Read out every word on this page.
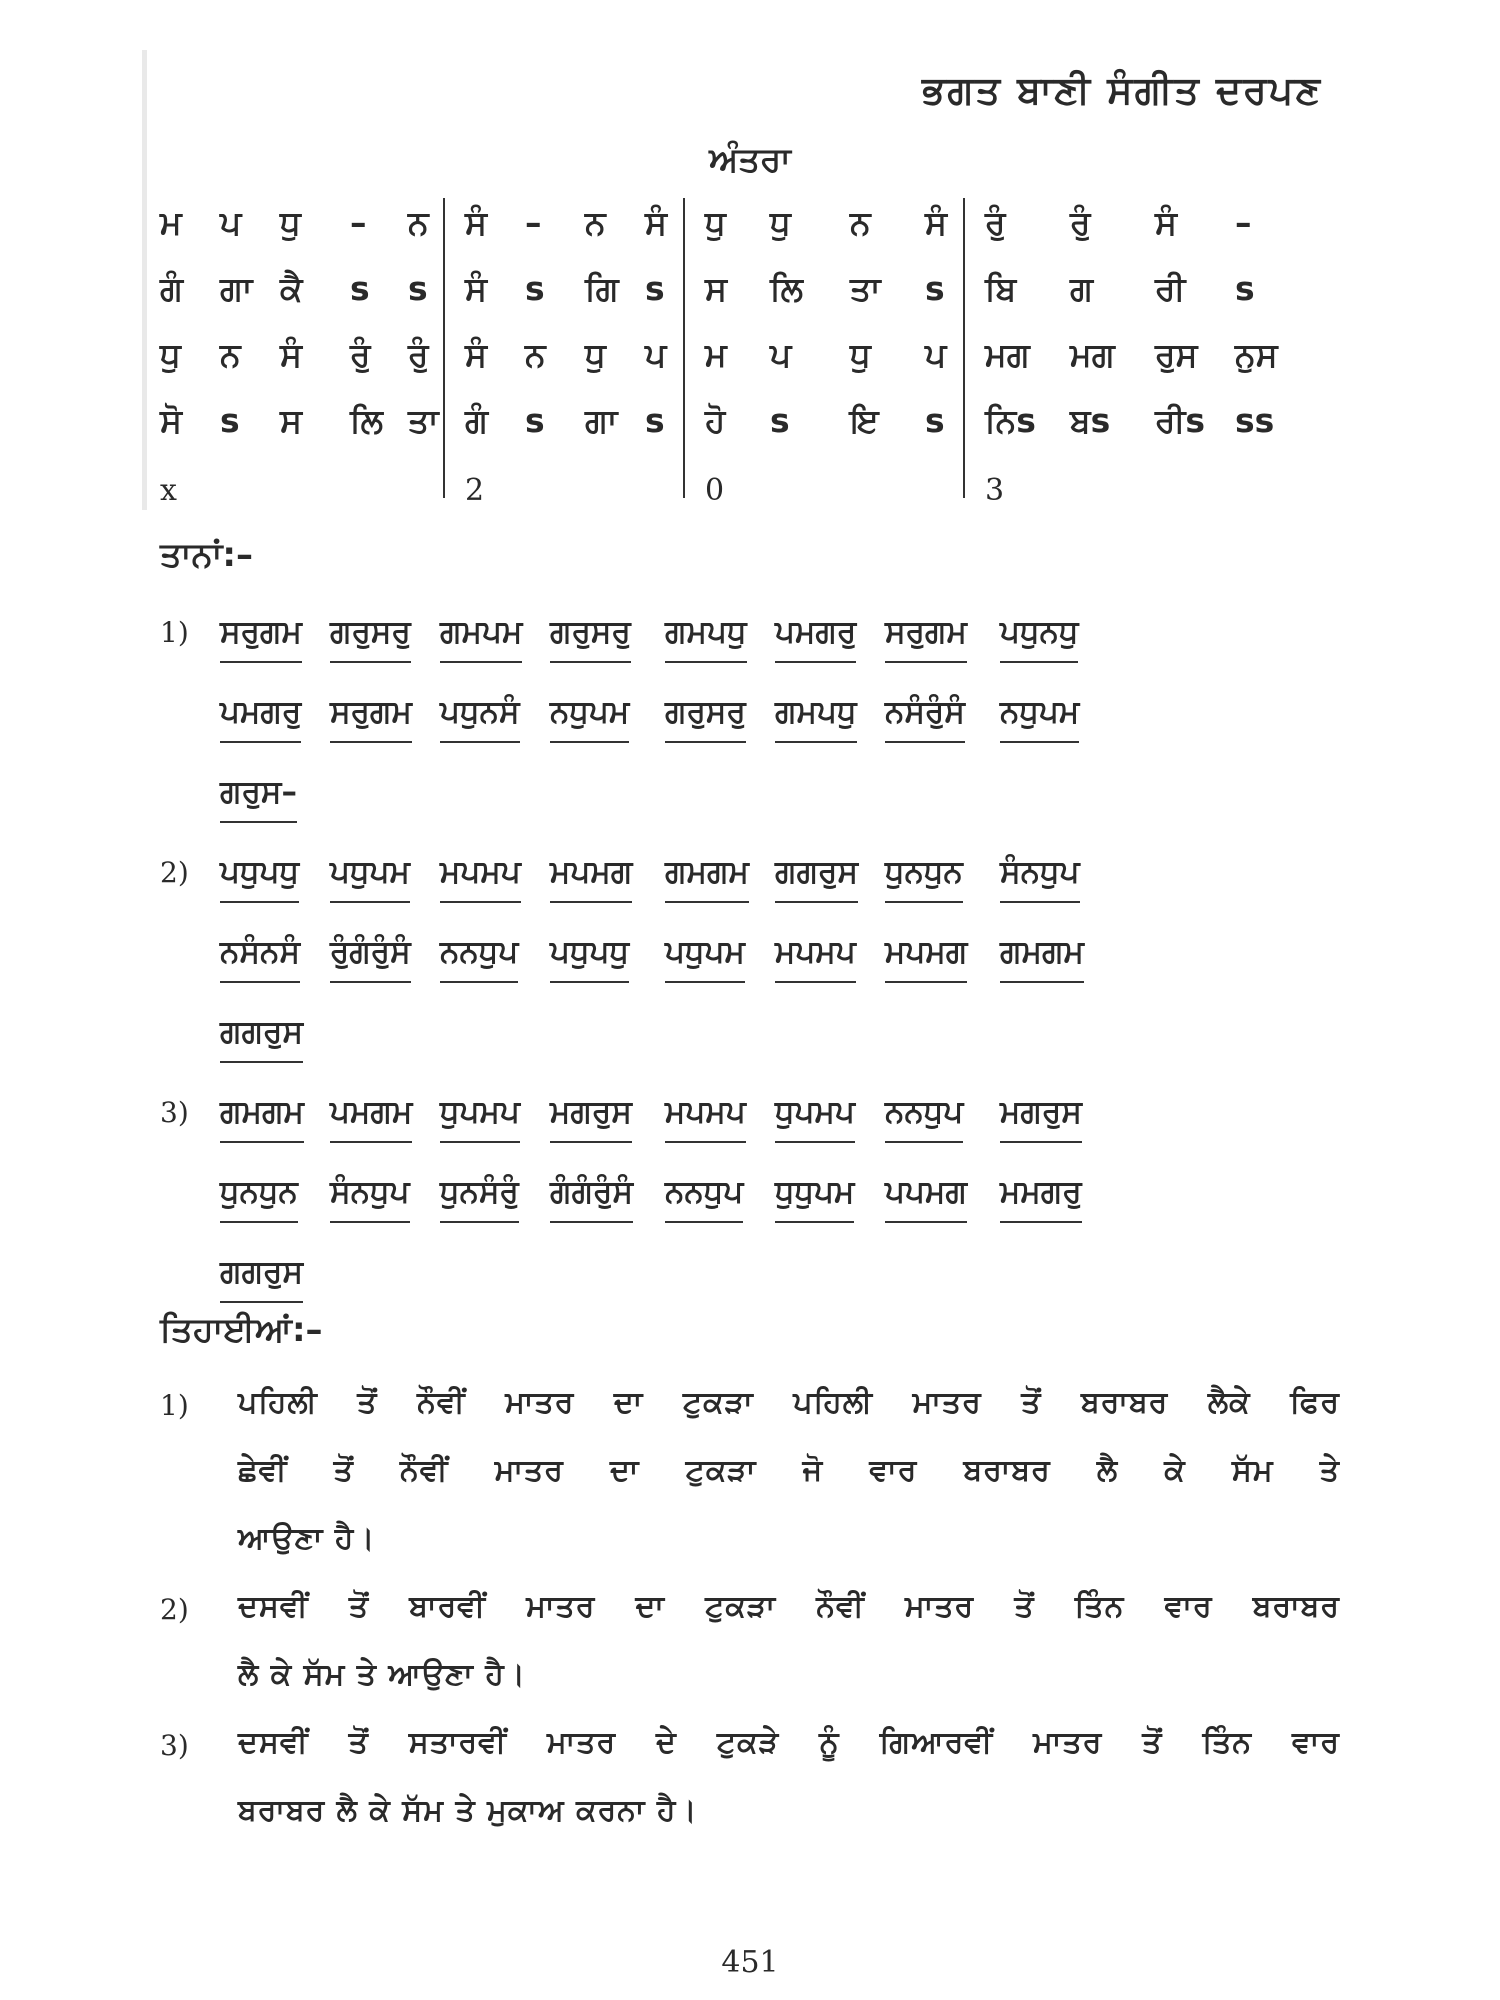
ਭਗਤ ਬਾਣੀ ਸੰਗੀਤ ਦਰਪਣ
ਅੰਤਰਾ
ਮ ਪ ਧੁ – ਨ ਸੰ – ਨ ਸੰ ਧੁ ਧੁ ਨ ਸੰ ਰੁੰ ਰੁੰ ਸੰ –
ਗੰ ਗਾ ਕੈ s s ਸੰ s ਗਿ s ਸ ਲਿ ਤਾ s ਬਿ ਗ ਰੀ s
ਧੁ ਨ ਸੰ ਰੁੰ ਰੁੰ ਸੰ ਨ ਧੁ ਪ ਮ ਪ ਧੁ ਪ ਮਗ ਮਗ ਰੁਸ ਨੁਸ
ਸੋ s ਸ ਲਿ ਤਾ ਗੰ s ਗਾ s ਹੋ s ਇ s ਨਿs ਬs ਰੀs ss
x	2	0	3
ਤਾਨਾਂ:–
1) ਸਰੁਗਮ ਗਰੁਸਰੁ ਗਮਪਮ ਗਰੁਸਰੁ ਗਮਪਧੁ ਪਮਗਰੁ ਸਰੁਗਮ ਪਧੁਨਧੁ
ਪਮਗਰੁ ਸਰੁਗਮ ਪਧੁਨਸੰ ਨਧੁਪਮ ਗਰੁਸਰੁ ਗਮਪਧੁ ਨਸੰਰੁੰਸੰ ਨਧੁਪਮ
ਗਰੁਸ–
2) ਪਧੁਪਧੁ ਪਧੁਪਮ ਮਪਮਪ ਮਪਮਗ ਗਮਗਮ ਗਗਰੁਸ ਧੁਨਧੁਨ ਸੰਨਧੁਪ
ਨਸੰਨਸੰ ਰੁੰਗੰਰੁੰਸੰ ਨਨਧੁਪ ਪਧੁਪਧੁ ਪਧੁਪਮ ਮਪਮਪ ਮਪਮਗ ਗਮਗਮ
ਗਗਰੁਸ
3) ਗਮਗਮ ਪਮਗਮ ਧੁਪਮਪ ਮਗਰੁਸ ਮਪਮਪ ਧੁਪਮਪ ਨਨਧੁਪ ਮਗਰੁਸ
ਧੁਨਧੁਨ ਸੰਨਧੁਪ ਧੁਨਸੰਰੁੰ ਗੰਗੰਰੁੰਸੰ ਨਨਧੁਪ ਧੁਧੁਪਮ ਪਪਮਗ ਮਮਗਰੁ
ਗਗਰੁਸ
ਤਿਹਾਈਆਂ:–
1) ਪਹਿਲੀ ਤੋਂ ਨੌਵੀਂ ਮਾਤਰ ਦਾ ਟੁਕੜਾ ਪਹਿਲੀ ਮਾਤਰ ਤੋਂ ਬਰਾਬਰ ਲੈਕੇ ਫਿਰ
ਛੇਵੀਂ ਤੋਂ ਨੌਵੀਂ ਮਾਤਰ ਦਾ ਟੁਕੜਾ ਜੋ ਵਾਰ ਬਰਾਬਰ ਲੈ ਕੇ ਸੱਮ ਤੇ
ਆਉਣਾ ਹੈ।
2) ਦਸਵੀਂ ਤੋਂ ਬਾਰਵੀਂ ਮਾਤਰ ਦਾ ਟੁਕੜਾ ਨੌਵੀਂ ਮਾਤਰ ਤੋਂ ਤਿੰਨ ਵਾਰ ਬਰਾਬਰ
ਲੈ ਕੇ ਸੱਮ ਤੇ ਆਉਣਾ ਹੈ।
3) ਦਸਵੀਂ ਤੋਂ ਸਤਾਰਵੀਂ ਮਾਤਰ ਦੇ ਟੁਕੜੇ ਨੂੰ ਗਿਆਰਵੀਂ ਮਾਤਰ ਤੋਂ ਤਿੰਨ ਵਾਰ
ਬਰਾਬਰ ਲੈ ਕੇ ਸੱਮ ਤੇ ਮੁਕਾਅ ਕਰਨਾ ਹੈ।
451
